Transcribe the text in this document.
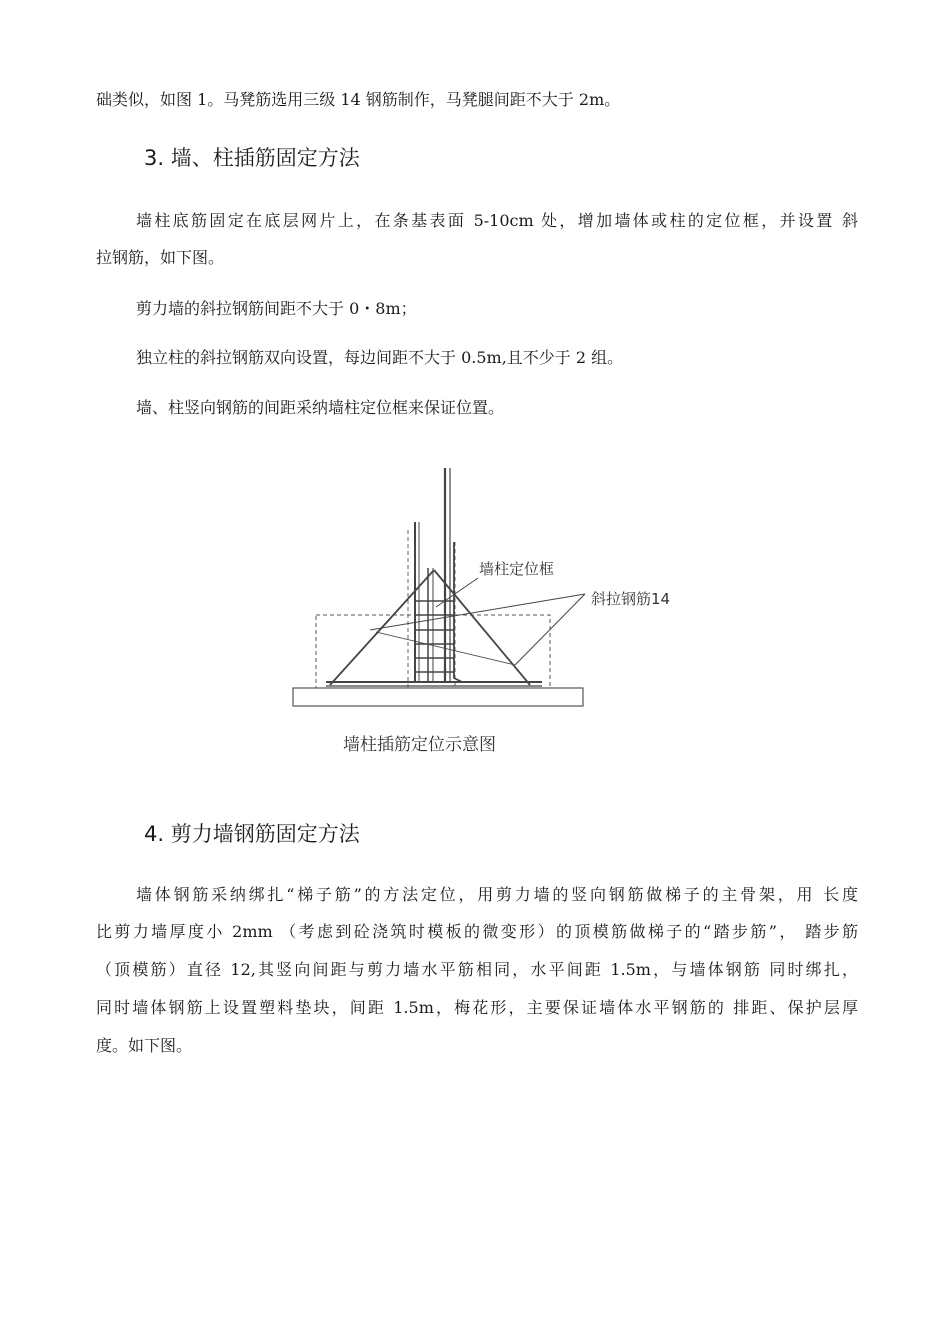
础类似，如图 1。马凳筋选用三级 14 钢筋制作，马凳腿间距不大于 2m。
3. 墙、柱插筋固定方法
墙柱底筋固定在底层网片上，在条基表面 5-10cm 处，增加墙体或柱的定位框，并设置 斜
拉钢筋，如下图。
剪力墙的斜拉钢筋间距不大于 0・8m；
独立柱的斜拉钢筋双向设置，每边间距不大于 0.5m,且不少于 2 组。
墙、柱竖向钢筋的间距采纳墙柱定位框来保证位置。
墙柱定位框
斜拉钢筋14
墙柱插筋定位示意图
4. 剪力墙钢筋固定方法
墙体钢筋采纳绑扎“梯子筋”的方法定位，用剪力墙的竖向钢筋做梯子的主骨架，用 长度
比剪力墙厚度小 2mm （考虑到砼浇筑时模板的微变形）的顶模筋做梯子的“踏步筋”， 踏步筋
（顶模筋）直径 12,其竖向间距与剪力墙水平筋相同，水平间距 1.5m，与墙体钢筋 同时绑扎，
同时墙体钢筋上设置塑料垫块，间距 1.5m，梅花形，主要保证墙体水平钢筋的 排距、保护层厚
度。如下图。
